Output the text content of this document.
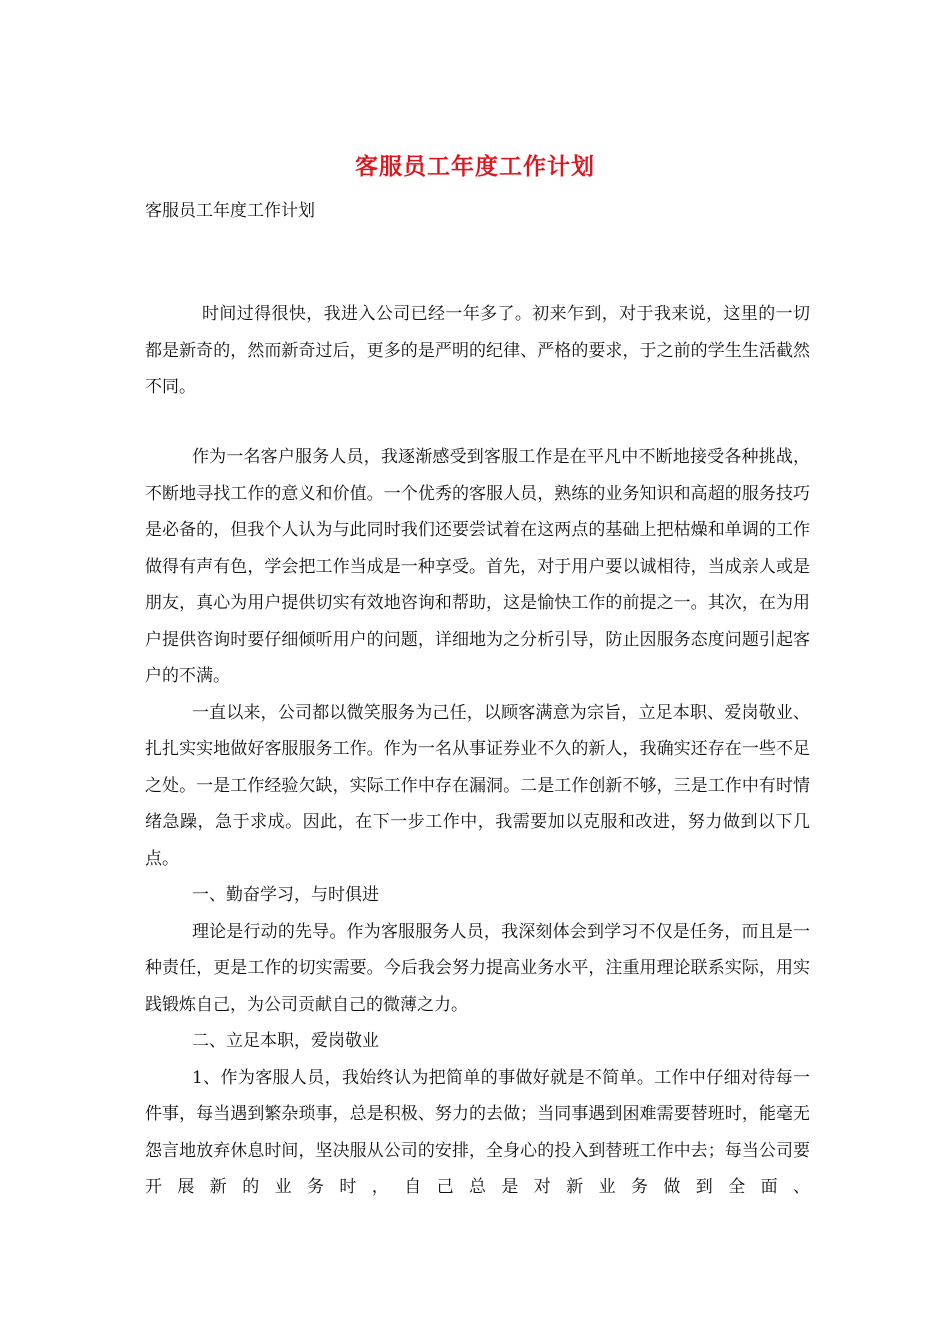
客服员工年度工作计划
客服员工年度工作计划

时间过得很快，我进入公司已经一年多了。初来乍到，对于我来说，这里的一切都是新奇的，然而新奇过后，更多的是严明的纪律、严格的要求，于之前的学生生活截然不同。

作为一名客户服务人员，我逐渐感受到客服工作是在平凡中不断地接受各种挑战，不断地寻找工作的意义和价值。一个优秀的客服人员，熟练的业务知识和高超的服务技巧是必备的，但我个人认为与此同时我们还要尝试着在这两点的基础上把枯燥和单调的工作做得有声有色，学会把工作当成是一种享受。首先，对于用户要以诚相待，当成亲人或是朋友，真心为用户提供切实有效地咨询和帮助，这是愉快工作的前提之一。其次，在为用户提供咨询时要仔细倾听用户的问题，详细地为之分析引导，防止因服务态度问题引起客户的不满。

一直以来，公司都以微笑服务为己任，以顾客满意为宗旨，立足本职、爱岗敬业、扎扎实实地做好客服服务工作。作为一名从事证券业不久的新人，我确实还存在一些不足之处。一是工作经验欠缺，实际工作中存在漏洞。二是工作创新不够，三是工作中有时情绪急躁，急于求成。因此，在下一步工作中，我需要加以克服和改进，努力做到以下几点。

一、勤奋学习，与时俱进

理论是行动的先导。作为客服服务人员，我深刻体会到学习不仅是任务，而且是一种责任，更是工作的切实需要。今后我会努力提高业务水平，注重用理论联系实际，用实践锻炼自己，为公司贡献自己的微薄之力。

二、立足本职，爱岗敬业

1、作为客服人员，我始终认为把简单的事做好就是不简单。工作中仔细对待每一件事，每当遇到繁杂琐事，总是积极、努力的去做；当同事遇到困难需要替班时，能毫无怨言地放弃休息时间，坚决服从公司的安排，全身心的投入到替班工作中去；每当公司要开展新的业务时，自己总是对新业务做到全面、
